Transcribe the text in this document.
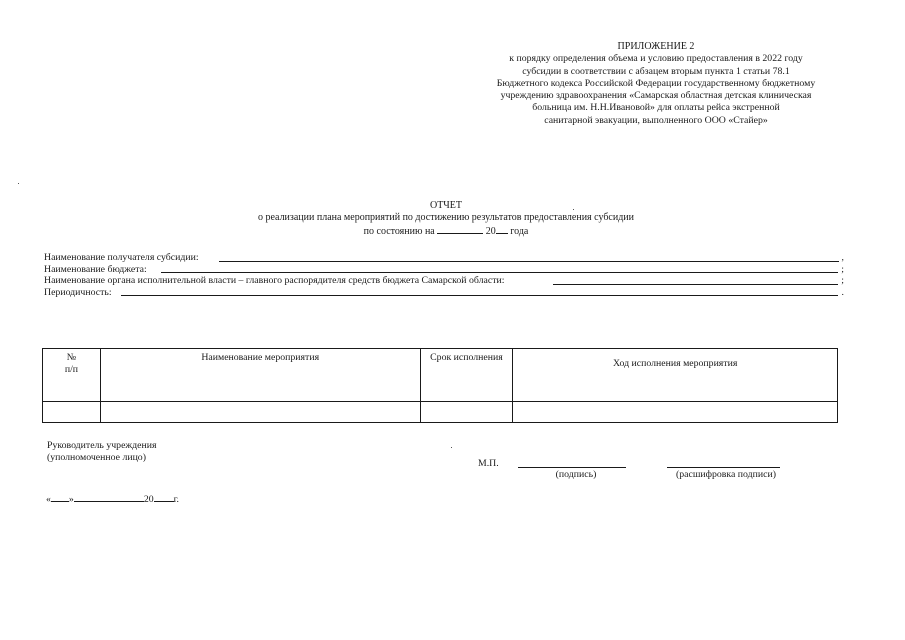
ПРИЛОЖЕНИЕ 2
к порядку определения объема и условию предоставления в 2022 году
субсидии в соответствии с абзацем вторым пункта 1 статьи 78.1
Бюджетного кодекса Российской Федерации государственному бюджетному
учреждению здравоохранения «Самарская областная детская клиническая
больница им. Н.Н.Ивановой» для оплаты рейса экстренной
санитарной эвакуации, выполненного ООО «Стайер»
ОТЧЕТ
о реализации плана мероприятий по достижению результатов предоставления субсидии
по состоянию на	20 года
Наименование получателя субсидии:	,
Наименование бюджета:	;
Наименование органа исполнительной власти – главного распорядителя средств бюджета Самарской области:	;
Периодичность:	.
№
п/п	Наименование мероприятия	Срок исполнения	Ход исполнения мероприятия

Руководитель учреждения
(уполномоченное лицо)
М.П.
(подпись)	(расшифровка подписи)
« »	20 г.
